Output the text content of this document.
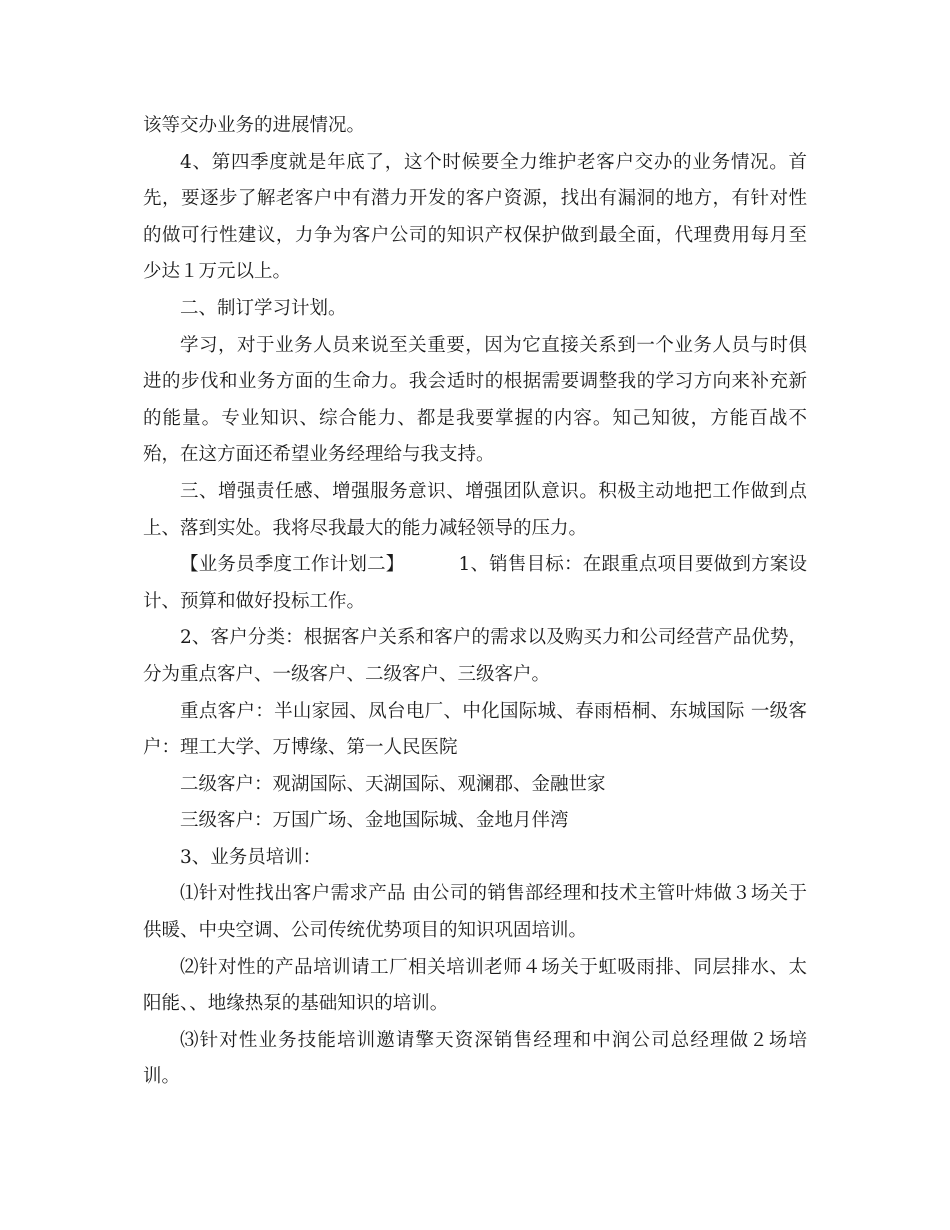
该等交办业务的进展情况。

4、第四季度就是年底了，这个时候要全力维护老客户交办的业务情况。首先，要逐步了解老客户中有潜力开发的客户资源，找出有漏洞的地方，有针对性的做可行性建议，力争为客户公司的知识产权保护做到最全面，代理费用每月至少达１万元以上。

二、制订学习计划。

学习，对于业务人员来说至关重要，因为它直接关系到一个业务人员与时俱进的步伐和业务方面的生命力。我会适时的根据需要调整我的学习方向来补充新的能量。专业知识、综合能力、都是我要掌握的内容。知己知彼，方能百战不殆，在这方面还希望业务经理给与我支持。

三、增强责任感、增强服务意识、增强团队意识。积极主动地把工作做到点上、落到实处。我将尽我最大的能力减轻领导的压力。

【业务员季度工作计划二】	1、销售目标：在跟重点项目要做到方案设计、预算和做好投标工作。

2、客户分类：根据客户关系和客户的需求以及购买力和公司经营产品优势，分为重点客户、一级客户、二级客户、三级客户。

重点客户：半山家园、凤台电厂、中化国际城、春雨梧桐、东城国际 一级客户：理工大学、万博缘、第一人民医院

二级客户：观湖国际、天湖国际、观澜郡、金融世家

三级客户：万国广场、金地国际城、金地月伴湾

3、业务员培训：

⑴针对性找出客户需求产品 由公司的销售部经理和技术主管叶炜做３场关于供暖、中央空调、公司传统优势项目的知识巩固培训。

⑵针对性的产品培训请工厂相关培训老师４场关于虹吸雨排、同层排水、太阳能、、地缘热泵的基础知识的培训。

⑶针对性业务技能培训邀请擎天资深销售经理和中润公司总经理做２场培训。
